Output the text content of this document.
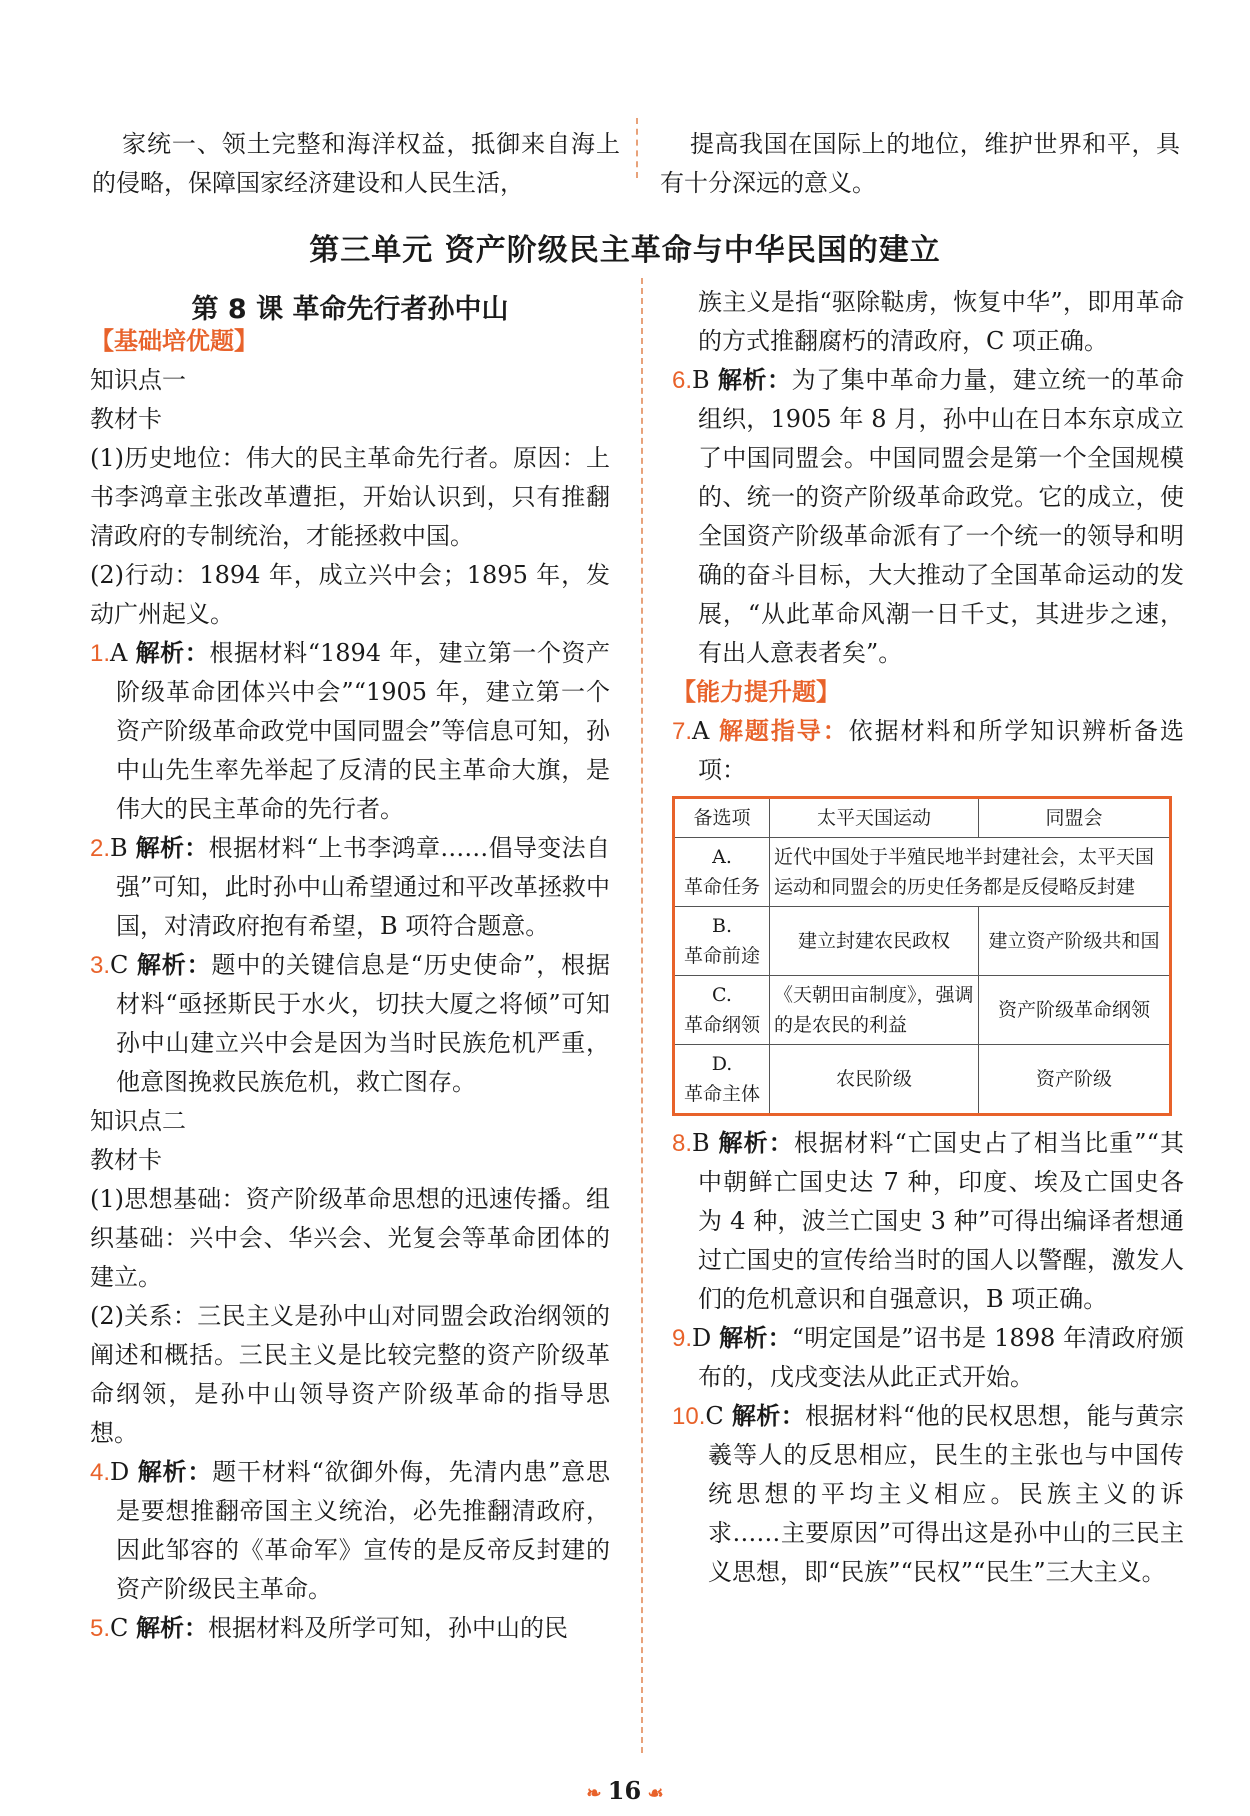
家统一、领土完整和海洋权益，抵御来自海上的侵略，保障国家经济建设和人民生活，
提高我国在国际上的地位，维护世界和平，具有十分深远的意义。
第三单元 资产阶级民主革命与中华民国的建立
第 8 课 革命先行者孙中山

【基础培优题】

知识点一

教材卡

(1)历史地位：伟大的民主革命先行者。原因：上书李鸿章主张改革遭拒，开始认识到，只有推翻清政府的专制统治，才能拯救中国。

(2)行动：1894 年，成立兴中会；1895 年，发动广州起义。

1.A 解析：根据材料“1894 年，建立第一个资产阶级革命团体兴中会”“1905 年，建立第一个资产阶级革命政党中国同盟会”等信息可知，孙中山先生率先举起了反清的民主革命大旗，是伟大的民主革命的先行者。

2.B 解析：根据材料“上书李鸿章……倡导变法自强”可知，此时孙中山希望通过和平改革拯救中国，对清政府抱有希望，B 项符合题意。

3.C 解析：题中的关键信息是“历史使命”，根据材料“亟拯斯民于水火，切扶大厦之将倾”可知孙中山建立兴中会是因为当时民族危机严重，他意图挽救民族危机，救亡图存。

知识点二

教材卡

(1)思想基础：资产阶级革命思想的迅速传播。组织基础：兴中会、华兴会、光复会等革命团体的建立。

(2)关系：三民主义是孙中山对同盟会政治纲领的阐述和概括。三民主义是比较完整的资产阶级革命纲领，是孙中山领导资产阶级革命的指导思想。

4.D 解析：题干材料“欲御外侮，先清内患”意思是要想推翻帝国主义统治，必先推翻清政府，因此邹容的《革命军》宣传的是反帝反封建的资产阶级民主革命。

5.C 解析：根据材料及所学可知，孙中山的民

族主义是指“驱除鞑虏，恢复中华”，即用革命的方式推翻腐朽的清政府，C 项正确。

6.B 解析：为了集中革命力量，建立统一的革命组织，1905 年 8 月，孙中山在日本东京成立了中国同盟会。中国同盟会是第一个全国规模的、统一的资产阶级革命政党。它的成立，使全国资产阶级革命派有了一个统一的领导和明确的奋斗目标，大大推动了全国革命运动的发展，“从此革命风潮一日千丈，其进步之速，有出人意表者矣”。

【能力提升题】

7.A 解题指导：依据材料和所学知识辨析备选项：

备选项	太平天国运动	同盟会

A.
革命任务	近代中国处于半殖民地半封建社会，太平天国运动和同盟会的历史任务都是反侵略反封建	

B.
革命前途	建立封建农民政权	建立资产阶级共和国

C.
革命纲领	《天朝田亩制度》，强调的是农民的利益	资产阶级革命纲领

D.
革命主体	农民阶级	资产阶级

8.B 解析：根据材料“亡国史占了相当比重”“其中朝鲜亡国史达 7 种，印度、埃及亡国史各为 4 种，波兰亡国史 3 种”可得出编译者想通过亡国史的宣传给当时的国人以警醒，激发人们的危机意识和自强意识，B 项正确。

9.D 解析：“明定国是”诏书是 1898 年清政府颁布的，戊戌变法从此正式开始。

10.C 解析：根据材料“他的民权思想，能与黄宗羲等人的反思相应，民生的主张也与中国传统思想的平均主义相应。民族主义的诉求……主要原因”可得出这是孙中山的三民主义思想，即“民族”“民权”“民生”三大主义。

❧ 16 ☙
